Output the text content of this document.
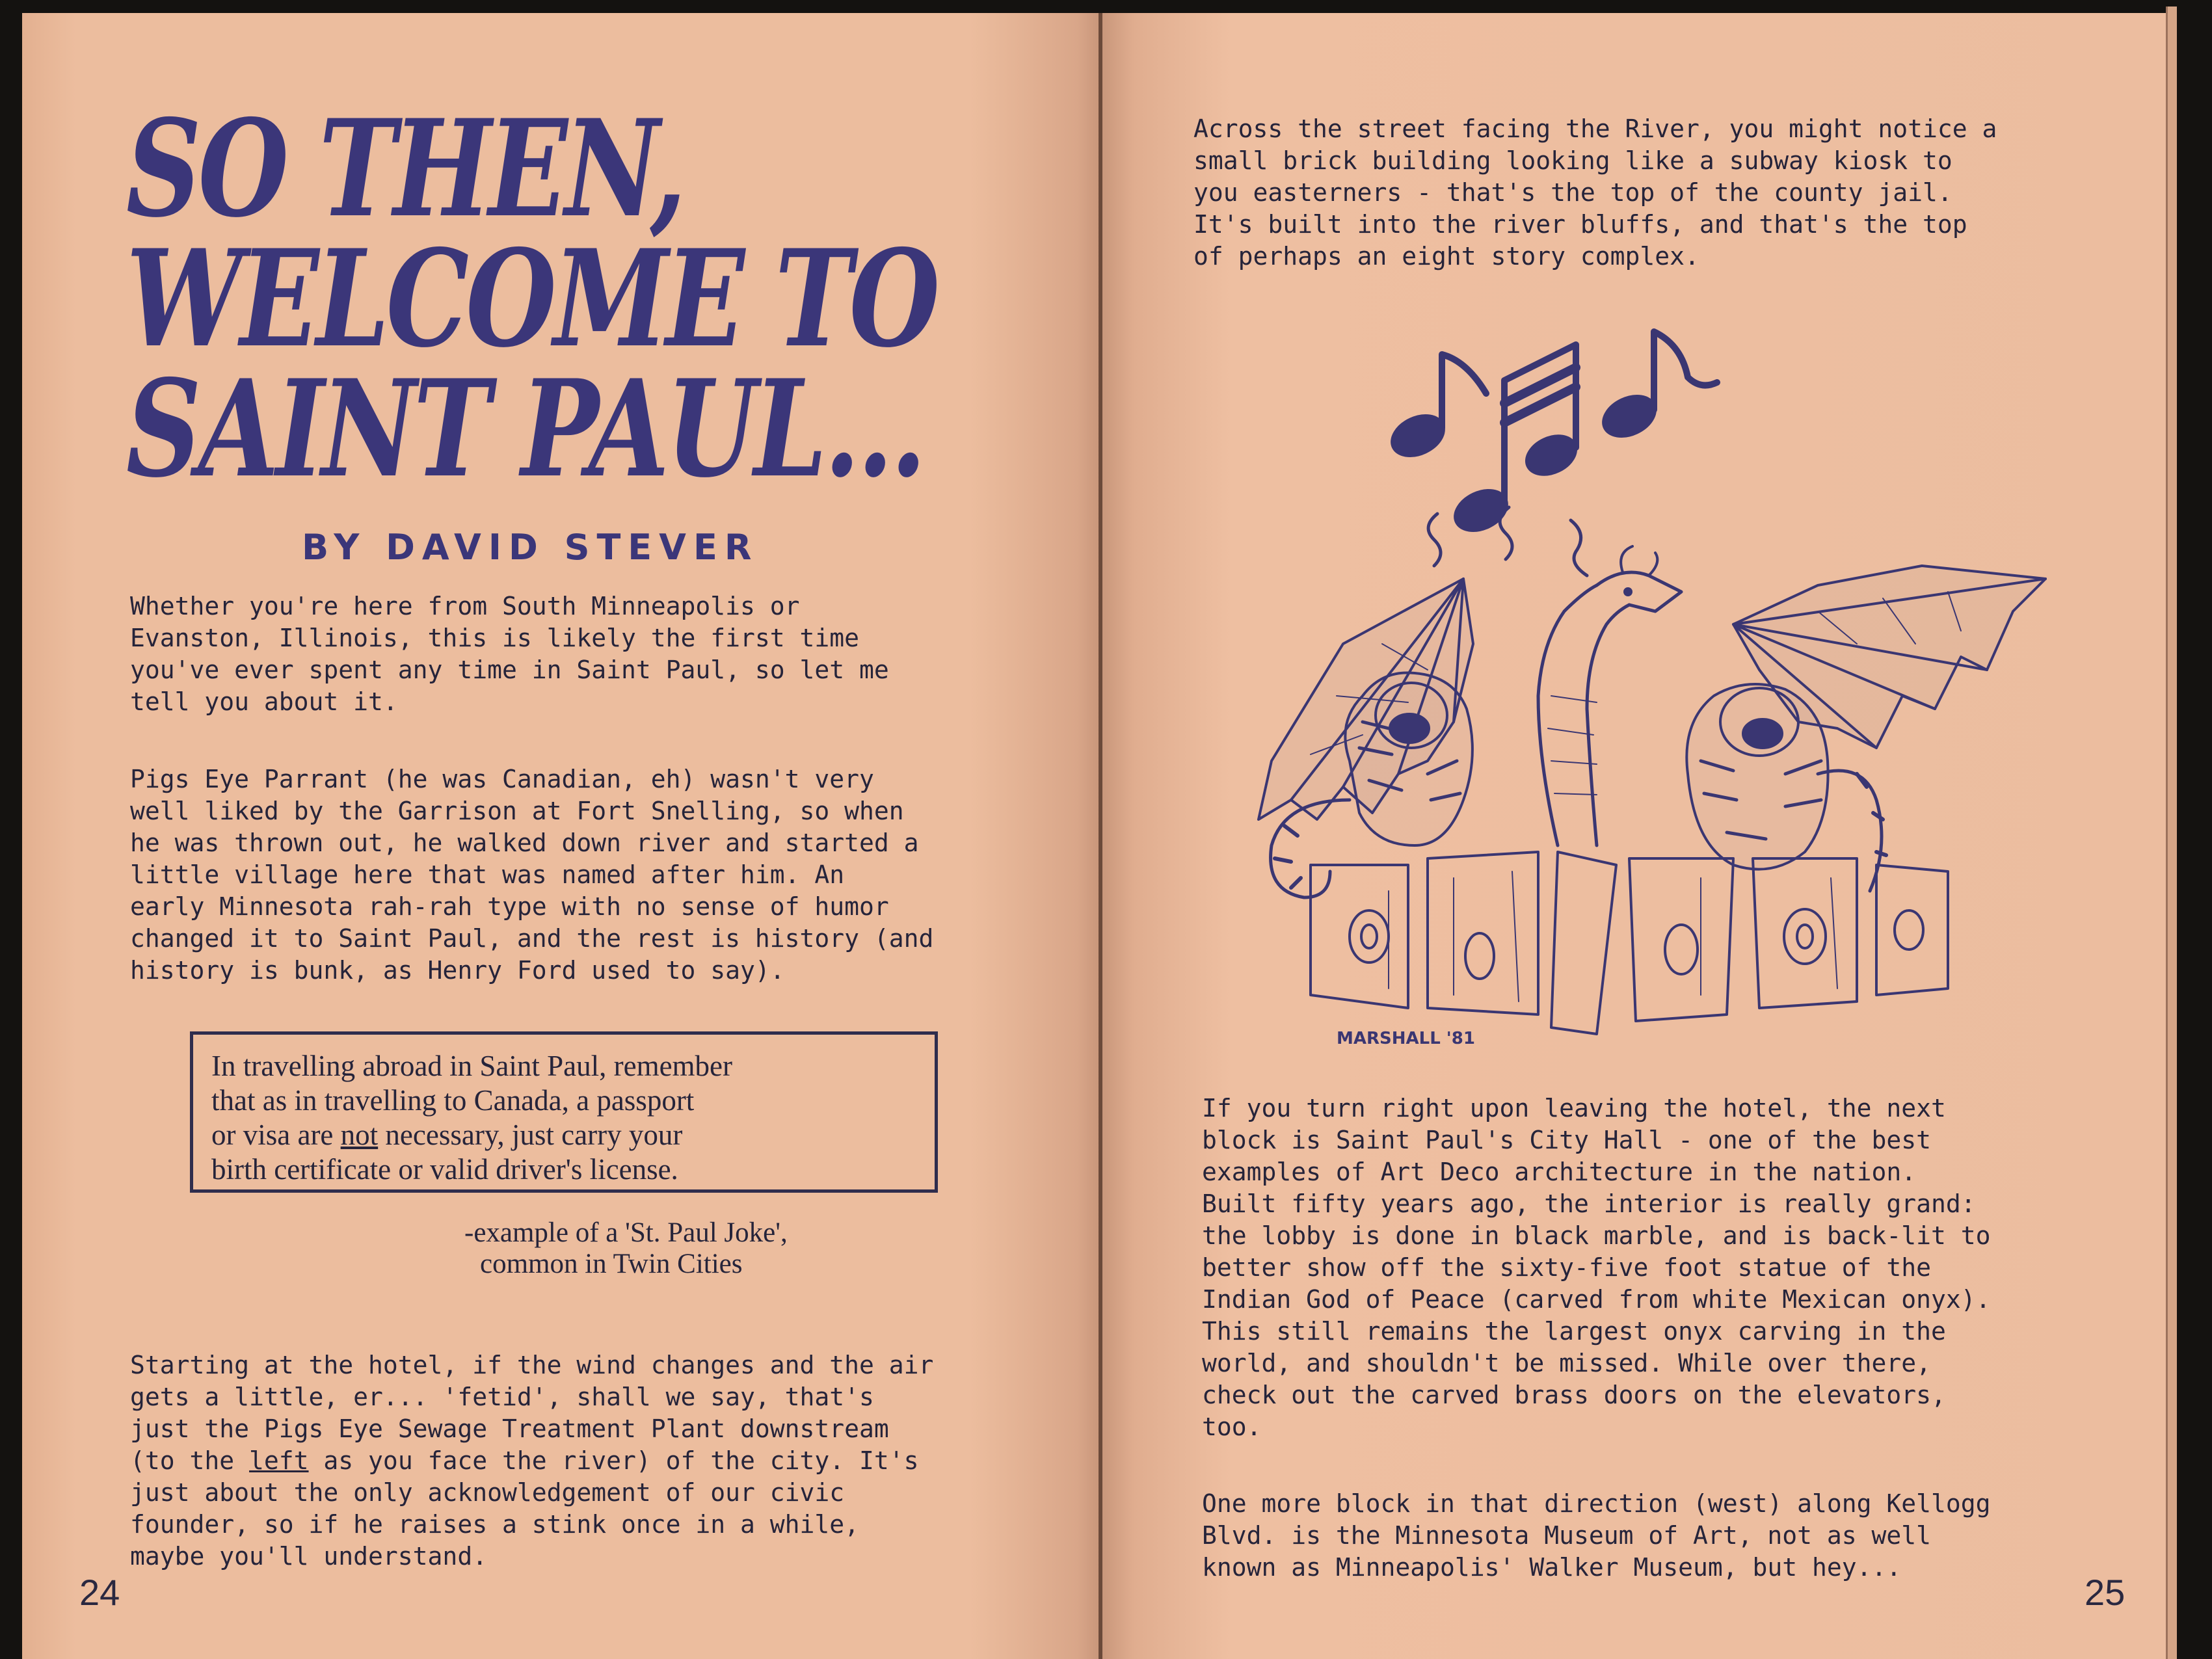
SO THEN,
WELCOME TO
SAINT PAUL...
BY DAVID STEVER
Whether you're here from South Minneapolis or
Evanston, Illinois, this is likely the first time
you've ever spent any time in Saint Paul, so let me
tell you about it.
Pigs Eye Parrant (he was Canadian, eh) wasn't very
well liked by the Garrison at Fort Snelling, so when
he was thrown out, he walked down river and started a
little village here that was named after him. An
early Minnesota rah-rah type with no sense of humor
changed it to Saint Paul, and the rest is history (and
history is bunk, as Henry Ford used to say).
In travelling abroad in Saint Paul, remember
that as in travelling to Canada, a passport
or visa are not necessary, just carry your
birth certificate or valid driver's license.
-example of a 'St. Paul Joke',
common in Twin Cities
Starting at the hotel, if the wind changes and the air
gets a little, er... 'fetid', shall we say, that's
just the Pigs Eye Sewage Treatment Plant downstream
(to the left as you face the river) of the city. It's
just about the only acknowledgement of our civic
founder, so if he raises a stink once in a while,
maybe you'll understand.
24
Across the street facing the River, you might notice a
small brick building looking like a subway kiosk to
you easterners - that's the top of the county jail.
It's built into the river bluffs, and that's the top
of perhaps an eight story complex.
If you turn right upon leaving the hotel, the next
block is Saint Paul's City Hall - one of the best
examples of Art Deco architecture in the nation.
Built fifty years ago, the interior is really grand:
the lobby is done in black marble, and is back-lit to
better show off the sixty-five foot statue of the
Indian God of Peace (carved from white Mexican onyx).
This still remains the largest onyx carving in the
world, and shouldn't be missed. While over there,
check out the carved brass doors on the elevators,
too.
One more block in that direction (west) along Kellogg
Blvd. is the Minnesota Museum of Art, not as well
known as Minneapolis' Walker Museum, but hey...
25
MARSHALL '81
